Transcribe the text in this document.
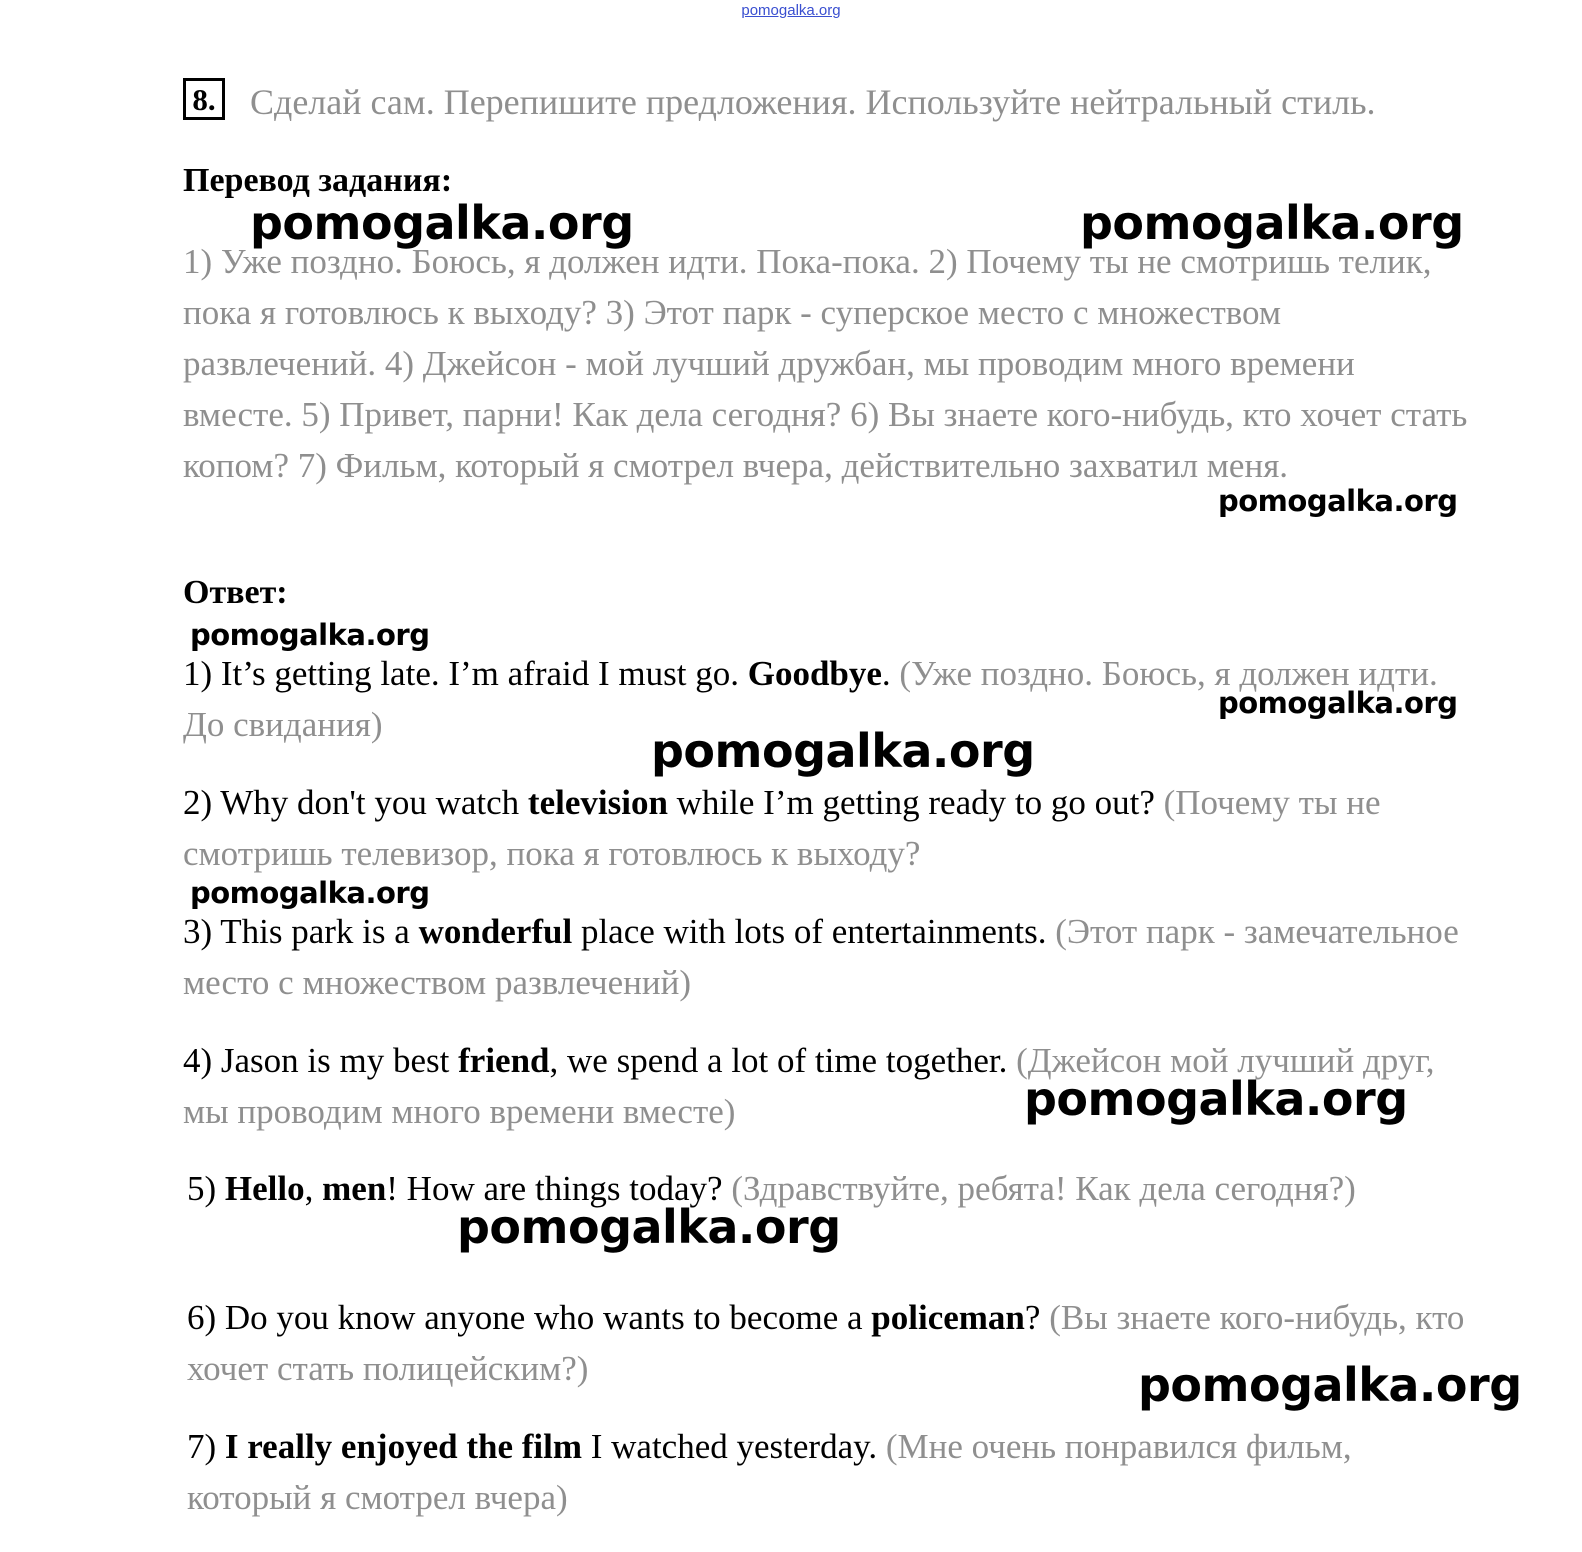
pomogalka.org
8. Сделай сам. Перепишите предложения. Используйте нейтральный стиль.
Перевод задания:
1) Уже поздно. Боюсь, я должен идти. Пока-пока. 2) Почему ты не смотришь телик, пока я готовлюсь к выходу? 3) Этот парк - суперское место с множеством развлечений. 4) Джейсон - мой лучший дружбан, мы проводим много времени вместе. 5) Привет, парни! Как дела сегодня? 6) Вы знаете кого-нибудь, кто хочет стать копом? 7) Фильм, который я смотрел вчера, действительно захватил меня.
Ответ:
1) It’s getting late. I’m afraid I must go. Goodbye. (Уже поздно. Боюсь, я должен идти. До свидания)
2) Why don't you watch television while I’m getting ready to go out? (Почему ты не смотришь телевизор, пока я готовлюсь к выходу?
3) This park is a wonderful place with lots of entertainments. (Этот парк - замечательное место с множеством развлечений)
4) Jason is my best friend, we spend a lot of time together. (Джейсон мой лучший друг, мы проводим много времени вместе)
5) Hello, men! How are things today? (Здравствуйте, ребята! Как дела сегодня?)
6) Do you know anyone who wants to become a policeman? (Вы знаете кого-нибудь, кто хочет стать полицейским?)
7) I really enjoyed the film I watched yesterday. (Мне очень понравился фильм, который я смотрел вчера)
pomogalka.org	pomogalka.org
pomogalka.org
pomogalka.org
pomogalka.org
pomogalka.org
pomogalka.org
pomogalka.org
pomogalka.org
pomogalka.org
